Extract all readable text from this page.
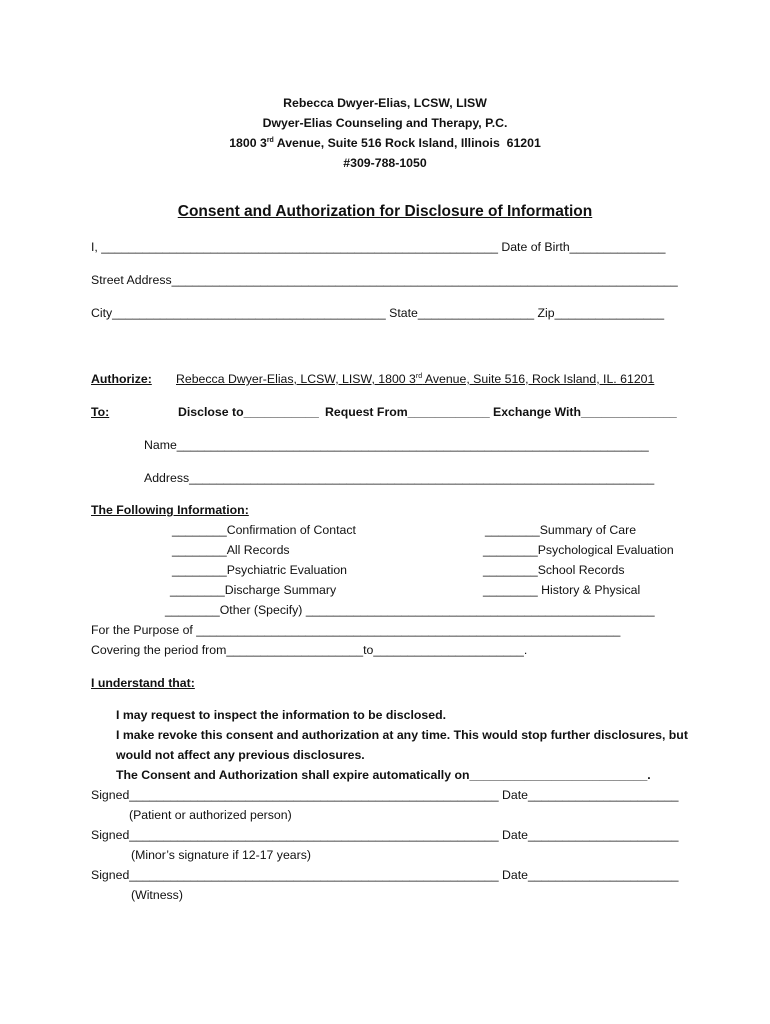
Rebecca Dwyer-Elias, LCSW, LISW
Dwyer-Elias Counseling and Therapy, P.C.
1800 3rd Avenue, Suite 516 Rock Island, Illinois  61201
#309-788-1050
Consent and Authorization for Disclosure of Information
I, __________________________________________________________ Date of Birth______________
Street Address__________________________________________________________________________
City________________________________________ State_________________ Zip________________
Authorize: Rebecca Dwyer-Elias, LCSW, LISW, 1800 3rd Avenue, Suite 516, Rock Island, IL. 61201
To:	Disclose to___________ Request From____________ Exchange With______________
Name_____________________________________________________________________
Address____________________________________________________________________
The Following Information:
________Confirmation of Contact
________All Records
________Psychiatric Evaluation
________Discharge Summary
________Summary of Care
________Psychological Evaluation
________School Records
________ History & Physical
________Other (Specify) ___________________________________________________
For the Purpose of ______________________________________________________________
Covering the period from____________________to______________________.
I understand that:
I may request to inspect the information to be disclosed.
I make revoke this consent and authorization at any time. This would stop further disclosures, but
would not affect any previous disclosures.
The Consent and Authorization shall expire automatically on__________________________.
Signed______________________________________________________ Date______________________
(Patient or authorized person)
Signed______________________________________________________ Date______________________
(Minor’s signature if 12-17 years)
Signed______________________________________________________ Date______________________
(Witness)
